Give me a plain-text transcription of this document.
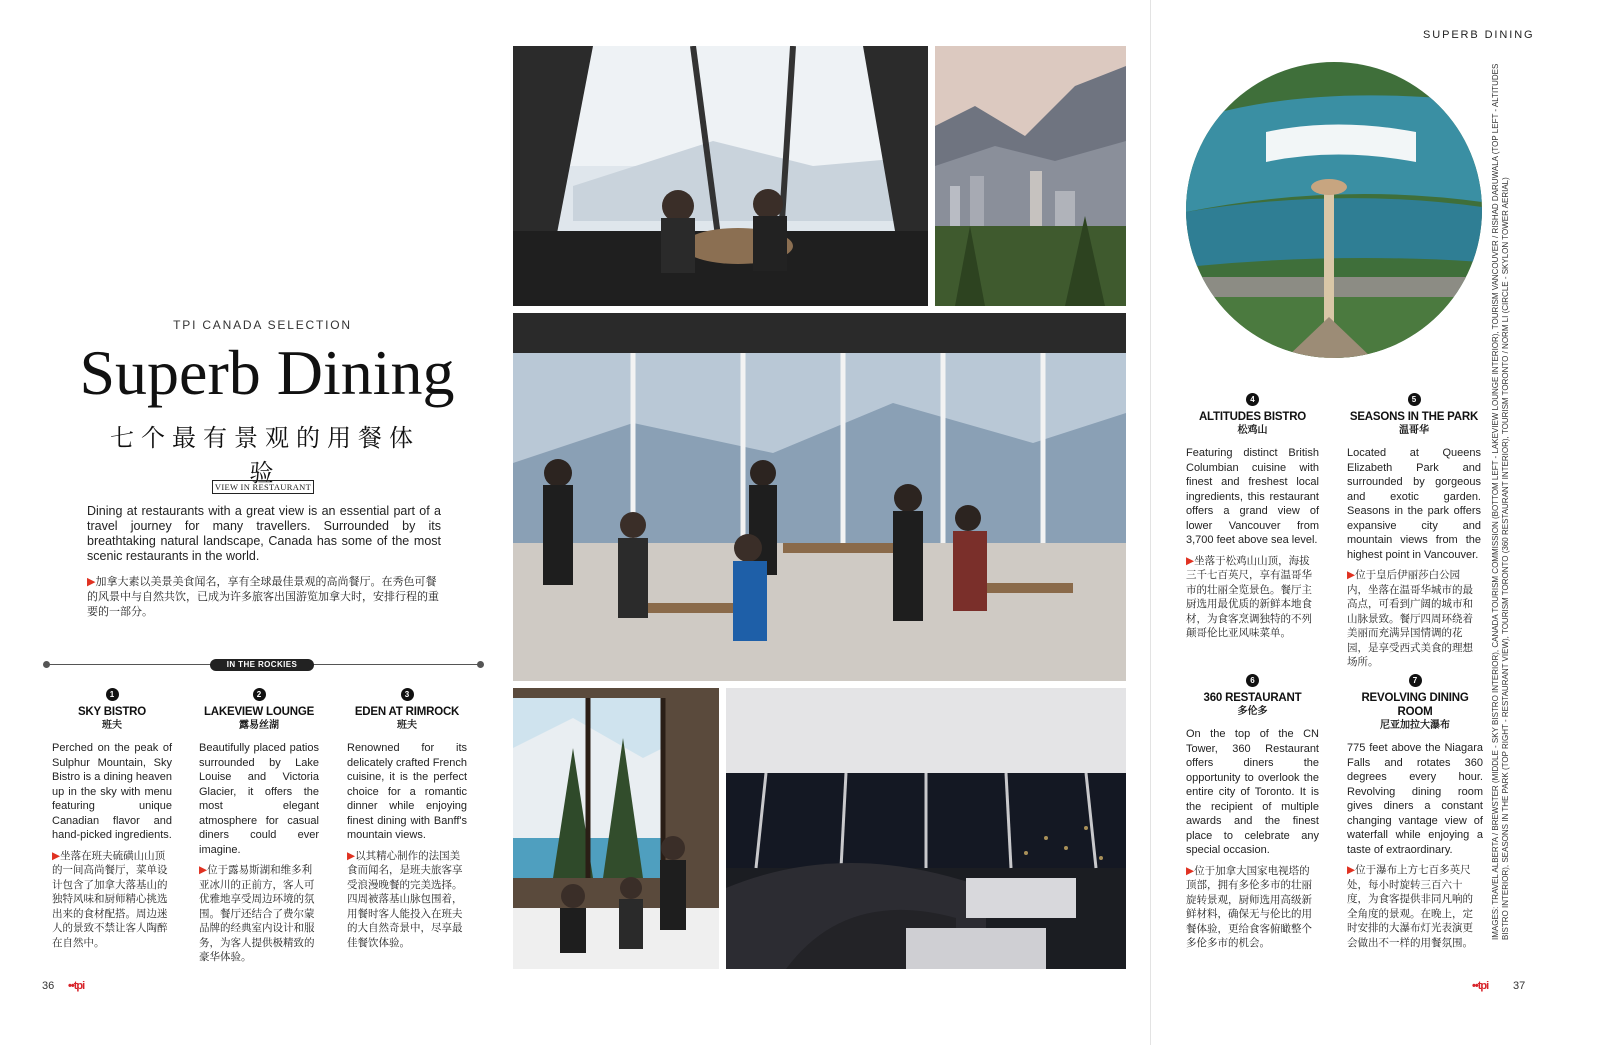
TPI CANADA SELECTION
Superb Dining
七个最有景观的用餐体验
VIEW IN RESTAURANT
Dining at restaurants with a great view is an essential part of a travel journey for many travellers. Surrounded by its breathtaking natural landscape, Canada has some of the most scenic restaurants in the world.
▶加拿大素以美景美食闻名，享有全球最佳景观的高尚餐厅。在秀色可餐的风景中与自然共饮，已成为许多旅客出国游览加拿大时，安排行程的重要的一部分。
IN THE ROCKIES
1
SKY BISTRO
班夫
Perched on the peak of Sulphur Mountain, Sky Bistro is a dining heaven up in the sky with menu featuring unique Canadian flavor and hand-picked ingredients.
▶坐落在班夫硫磺山山顶的一间高尚餐厅，菜单设计包含了加拿大落基山的独特风味和厨师精心挑选出来的食材配搭。周边迷人的景致不禁让客人陶醉在自然中。
2
LAKEVIEW LOUNGE
露易丝湖
Beautifully placed patios surrounded by Lake Louise and Victoria Glacier, it offers the most elegant atmosphere for casual diners could ever imagine.
▶位于露易斯湖和维多利亚冰川的正前方，客人可优雅地享受周边环境的氛围。餐厅还结合了费尔蒙品牌的经典室内设计和服务，为客人提供极精致的豪华体验。
3
EDEN AT RIMROCK
班夫
Renowned for its delicately crafted French cuisine, it is the perfect choice for a romantic dinner while enjoying finest dining with Banff's mountain views.
▶以其精心制作的法国美食而闻名，是班夫旅客享受浪漫晚餐的完美选择。四周被落基山脉包围着，用餐时客人能投入在班夫的大自然奇景中，尽享最佳餐饮体验。
36 ••tpi
SUPERB DINING
4
ALTITUDES BISTRO
松鸡山
Featuring distinct British Columbian cuisine with finest and freshest local ingredients, this restaurant offers a grand view of lower Vancouver from 3,700 feet above sea level.
▶坐落于松鸡山山顶，海拔三千七百英尺，享有温哥华市的壮丽全览景色。餐厅主厨选用最优质的新鲜本地食材，为食客烹调独特的不列颠哥伦比亚风味菜单。
5
SEASONS IN THE PARK
温哥华
Located at Queens Elizabeth Park and surrounded by gorgeous and exotic garden. Seasons in the park offers expansive city and mountain views from the highest point in Vancouver.
▶位于皇后伊丽莎白公园内，坐落在温哥华城市的最高点，可看到广阔的城市和山脉景致。餐厅四周环绕着美丽而充满异国情调的花园，是享受西式美食的理想场所。
6
360 RESTAURANT
多伦多
On the top of the CN Tower, 360 Restaurant offers diners the opportunity to overlook the entire city of Toronto. It is the recipient of multiple awards and the finest place to celebrate any special occasion.
▶位于加拿大国家电视塔的顶部，拥有多伦多市的壮丽旋转景观，厨师选用高级新鲜材料，确保无与伦比的用餐体验，更给食客俯瞰整个多伦多市的机会。
7
REVOLVING DINING ROOM
尼亚加拉大瀑布
775 feet above the Niagara Falls and rotates 360 degrees every hour. Revolving dining room gives diners a constant changing vantage view of waterfall while enjoying a taste of extraordinary.
▶位于瀑布上方七百多英尺处，每小时旋转三百六十度，为食客提供非同凡响的全角度的景观。在晚上，定时安排的大瀑布灯光表演更会做出不一样的用餐氛围。
IMAGES: TRAVEL ALBERTA / BREWSTER (MIDDLE - SKY BISTRO INTERIOR), CANADA TOURISM COMMISSION (BOTTOM LEFT - LAKEVIEW LOUNGE INTERIOR), TOURISM VANCOUVER / RISHAD DARUWALA (TOP LEFT - ALTITUDES BISTRO INTERIOR), SEASONS IN THE PARK (TOP RIGHT - RESTAURANT VIEW), TOURISM TORONTO (360 RESTAURANT INTERIOR), TOURISM TORONTO / NORM LI (CIRCLE - SKYLON TOWER AERIAL)
••tpi 37
